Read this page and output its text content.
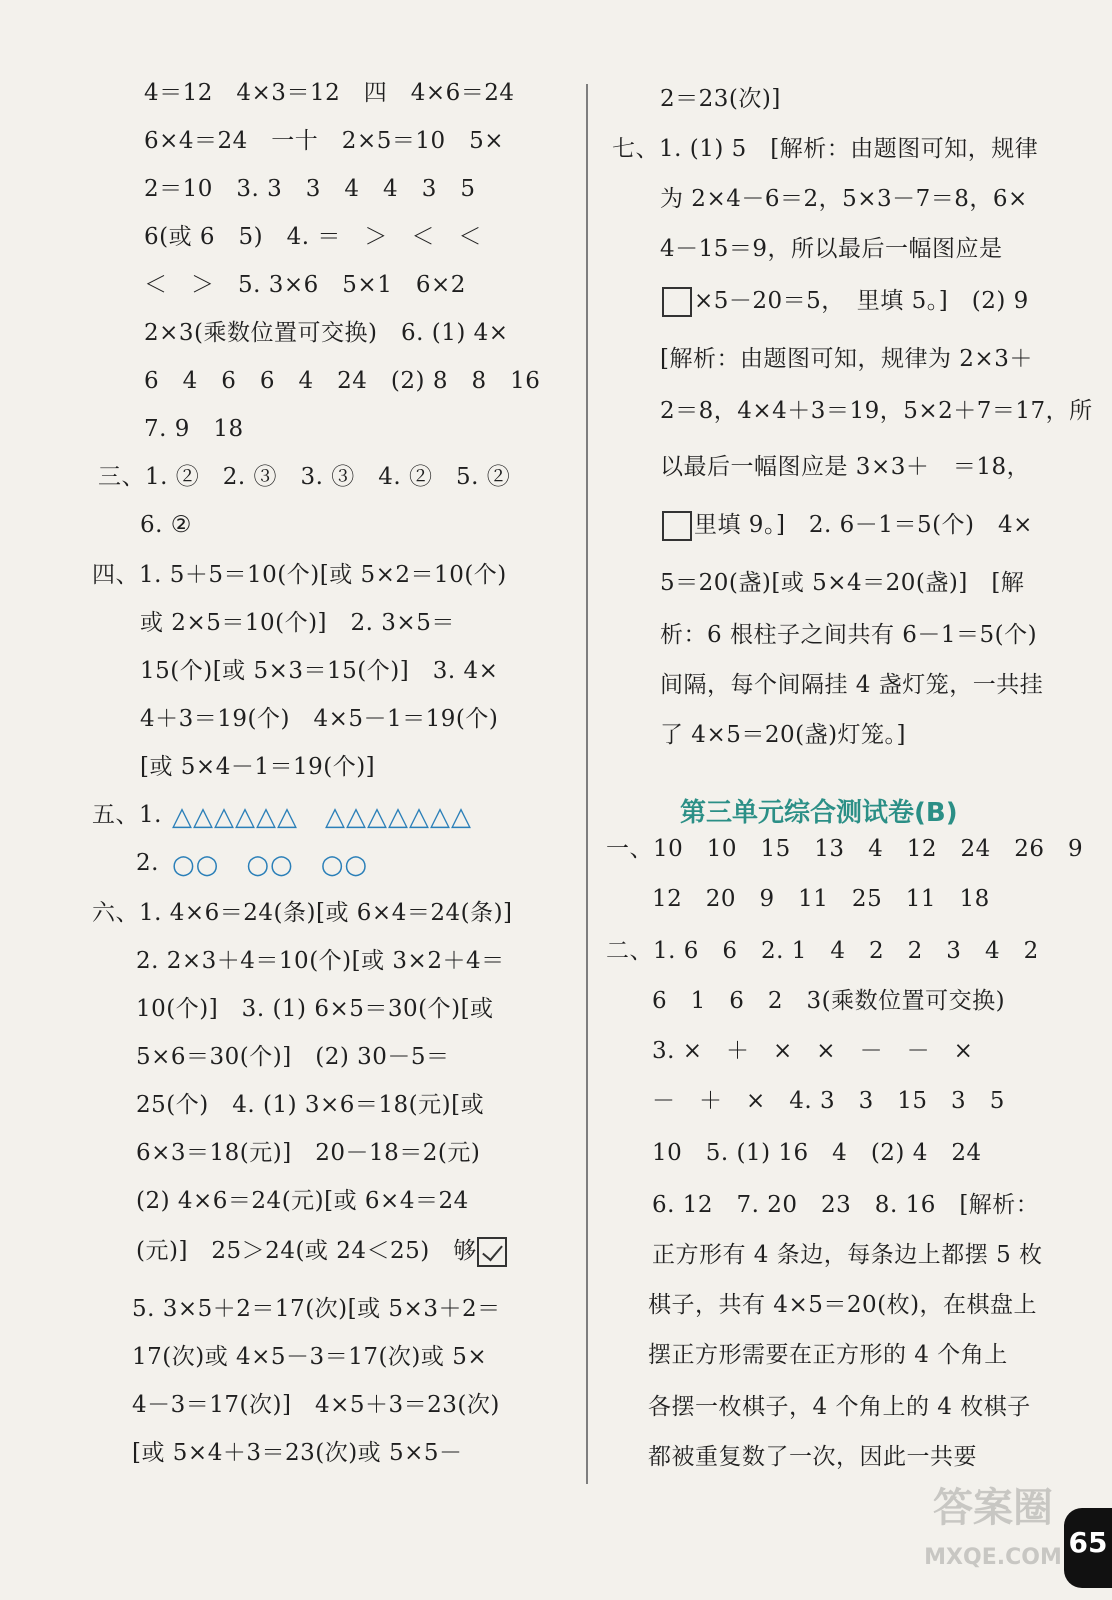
4＝12　4×3＝12　四　4×6＝24
6×4＝24　一十　2×5＝10　5×
2＝10　3. 3　3　4　4　3　5
6(或 6　5)　4. ＝　＞　＜　＜
＜　＞　5. 3×6　5×1　6×2
2×3(乘数位置可交换)　6. (1) 4×
6　4　6　6　4　24　(2) 8　8　16
7. 9　18
三、1. ②　2. ③　3. ③　4. ②　5. ②
6. ②
四、1. 5＋5＝10(个)[或 5×2＝10(个)
或 2×5＝10(个)]　2. 3×5＝
15(个)[或 5×3＝15(个)]　3. 4×
4＋3＝19(个)　4×5－1＝19(个)
[或 5×4－1＝19(个)]
五、1. △△△△△△　△△△△△△△
2. ○○　○○　○○
六、1. 4×6＝24(条)[或 6×4＝24(条)]
2. 2×3＋4＝10(个)[或 3×2＋4＝
10(个)]　3. (1) 6×5＝30(个)[或
5×6＝30(个)]　(2) 30－5＝
25(个)　4. (1) 3×6＝18(元)[或
6×3＝18(元)]　20－18＝2(元)
(2) 4×6＝24(元)[或 6×4＝24
(元)]　25＞24(或 24＜25)　够
5. 3×5＋2＝17(次)[或 5×3＋2＝
17(次)或 4×5－3＝17(次)或 5×
4－3＝17(次)]　4×5＋3＝23(次)
[或 5×4＋3＝23(次)或 5×5－
2＝23(次)]
七、1. (1) 5　[解析：由题图可知，规律
为 2×4－6＝2，5×3－7＝8，6×
4－15＝9，所以最后一幅图应是
×5－20＝5，　里填 5。]　(2) 9
[解析：由题图可知，规律为 2×3＋
2＝8，4×4＋3＝19，5×2＋7＝17，所
以最后一幅图应是 3×3＋　＝18，
里填 9。]　2. 6－1＝5(个)　4×
5＝20(盏)[或 5×4＝20(盏)]　[解
析：6 根柱子之间共有 6－1＝5(个)
间隔，每个间隔挂 4 盏灯笼，一共挂
了 4×5＝20(盏)灯笼。]
一、10　10　15　13　4　12　24　26　9
12　20　9　11　25　11　18
二、1. 6　6　2. 1　4　2　2　3　4　2
6　1　6　2　3(乘数位置可交换)
3. ×　＋　×　×　－　－　×
－　＋　×　4. 3　3　15　3　5
10　5. (1) 16　4　(2) 4　24
6. 12　7. 20　23　8. 16　[解析：
正方形有 4 条边，每条边上都摆 5 枚
棋子，共有 4×5＝20(枚)，在棋盘上
摆正方形需要在正方形的 4 个角上
各摆一枚棋子，4 个角上的 4 枚棋子
都被重复数了一次，因此一共要
第三单元综合测试卷(B)
答案圈
MXQE.COM 65
